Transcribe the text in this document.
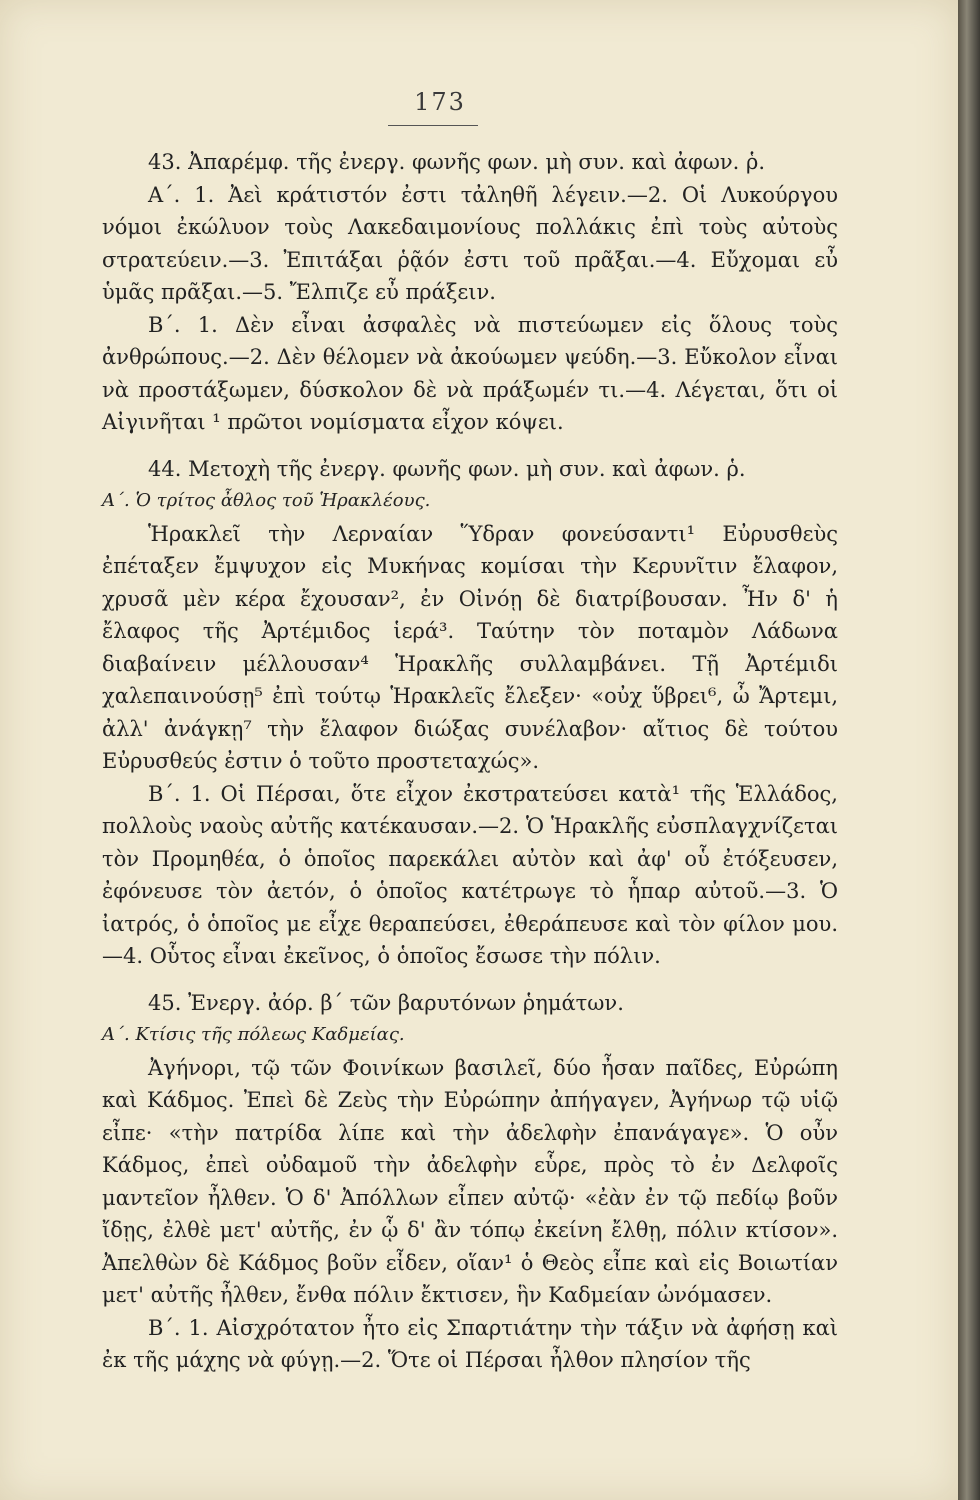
173

43. Ἀπαρέμφ. τῆς ἐνεργ. φωνῆς φων. μὴ συν. καὶ ἀφων. ῥ.

Α΄. 1. Ἀεὶ κράτιστόν ἐστι τἀληθῆ λέγειν.—2. Οἱ Λυκούργου νόμοι ἐκώλυον τοὺς Λακεδαιμονίους πολλάκις ἐπὶ τοὺς αὐτοὺς στρατεύειν.—3. Ἐπιτάξαι ῥᾷόν ἐστι τοῦ πρᾶξαι.—4. Εὔχομαι εὖ ὑμᾶς πρᾶξαι.—5. Ἔλπιζε εὖ πράξειν.

Β΄. 1. Δὲν εἶναι ἀσφαλὲς νὰ πιστεύωμεν εἰς ὅλους τοὺς ἀνθρώπους.—2. Δὲν θέλομεν νὰ ἀκούωμεν ψεύδη.—3. Εὔκολον εἶναι νὰ προστάξωμεν, δύσκολον δὲ νὰ πράξωμέν τι.—4. Λέγεται, ὅτι οἱ Αἰγινῆται ¹ πρῶτοι νομίσματα εἶχον κόψει.

44. Μετοχὴ τῆς ἐνεργ. φωνῆς φων. μὴ συν. καὶ ἀφων. ῥ.

Α΄. Ὁ τρίτος ἆθλος τοῦ Ἡρακλέους.

Ἡρακλεῖ τὴν Λερναίαν Ὕδραν φονεύσαντι¹ Εὐρυσθεὺς ἐπέταξεν ἔμψυχον εἰς Μυκήνας κομίσαι τὴν Κερυνῖτιν ἔλαφον, χρυσᾶ μὲν κέρα ἔχουσαν², ἐν Οἰνόῃ δὲ διατρίβουσαν. Ἦν δ' ἡ ἔλαφος τῆς Ἀρτέμιδος ἱερά³. Ταύτην τὸν ποταμὸν Λάδωνα διαβαίνειν μέλλουσαν⁴ Ἡρακλῆς συλλαμβάνει. Τῇ Ἀρτέμιδι χαλεπαινούσῃ⁵ ἐπὶ τούτῳ Ἡρακλεῖς ἔλεξεν· «οὐχ ὕβρει⁶, ὦ Ἄρτεμι, ἀλλ' ἀνάγκῃ⁷ τὴν ἔλαφον διώξας συνέλαβον· αἴτιος δὲ τούτου Εὐρυσθεύς ἐστιν ὁ τοῦτο προστεταχώς».

Β΄. 1. Οἱ Πέρσαι, ὅτε εἶχον ἐκστρατεύσει κατὰ¹ τῆς Ἑλλάδος, πολλοὺς ναοὺς αὐτῆς κατέκαυσαν.—2. Ὁ Ἡρακλῆς εὐσπλαγχνίζεται τὸν Προμηθέα, ὁ ὁποῖος παρεκάλει αὐτὸν καὶ ἀφ' οὗ ἐτόξευσεν, ἐφόνευσε τὸν ἀετόν, ὁ ὁποῖος κατέτρωγε τὸ ἧπαρ αὐτοῦ.—3. Ὁ ἰατρός, ὁ ὁποῖος με εἶχε θεραπεύσει, ἐθεράπευσε καὶ τὸν φίλον μου.—4. Οὗτος εἶναι ἐκεῖνος, ὁ ὁποῖος ἔσωσε τὴν πόλιν.

45. Ἐνεργ. ἀόρ. β΄ τῶν βαρυτόνων ῥημάτων.

Α΄. Κτίσις τῆς πόλεως Καδμείας.

Ἀγήνορι, τῷ τῶν Φοινίκων βασιλεῖ, δύο ἦσαν παῖδες, Εὐρώπη καὶ Κάδμος. Ἐπεὶ δὲ Ζεὺς τὴν Εὐρώπην ἀπήγαγεν, Ἀγήνωρ τῷ υἱῷ εἶπε· «τὴν πατρίδα λίπε καὶ τὴν ἀδελφὴν ἐπανάγαγε». Ὁ οὖν Κάδμος, ἐπεὶ οὐδαμοῦ τὴν ἀδελφὴν εὗρε, πρὸς τὸ ἐν Δελφοῖς μαντεῖον ἦλθεν. Ὁ δ' Ἀπόλλων εἶπεν αὐτῷ· «ἐὰν ἐν τῷ πεδίῳ βοῦν ἴδῃς, ἐλθὲ μετ' αὐτῆς, ἐν ᾧ δ' ἂν τόπῳ ἐκείνη ἔλθῃ, πόλιν κτίσον». Ἀπελθὼν δὲ Κάδμος βοῦν εἶδεν, οἵαν¹ ὁ Θεὸς εἶπε καὶ εἰς Βοιωτίαν μετ' αὐτῆς ἦλθεν, ἔνθα πόλιν ἔκτισεν, ἣν Καδμείαν ὠνόμασεν.

Β΄. 1. Αἰσχρότατον ἦτο εἰς Σπαρτιάτην τὴν τάξιν νὰ ἀφήσῃ καὶ ἐκ τῆς μάχης νὰ φύγῃ.—2. Ὅτε οἱ Πέρσαι ἦλθον πλησίον τῆς
